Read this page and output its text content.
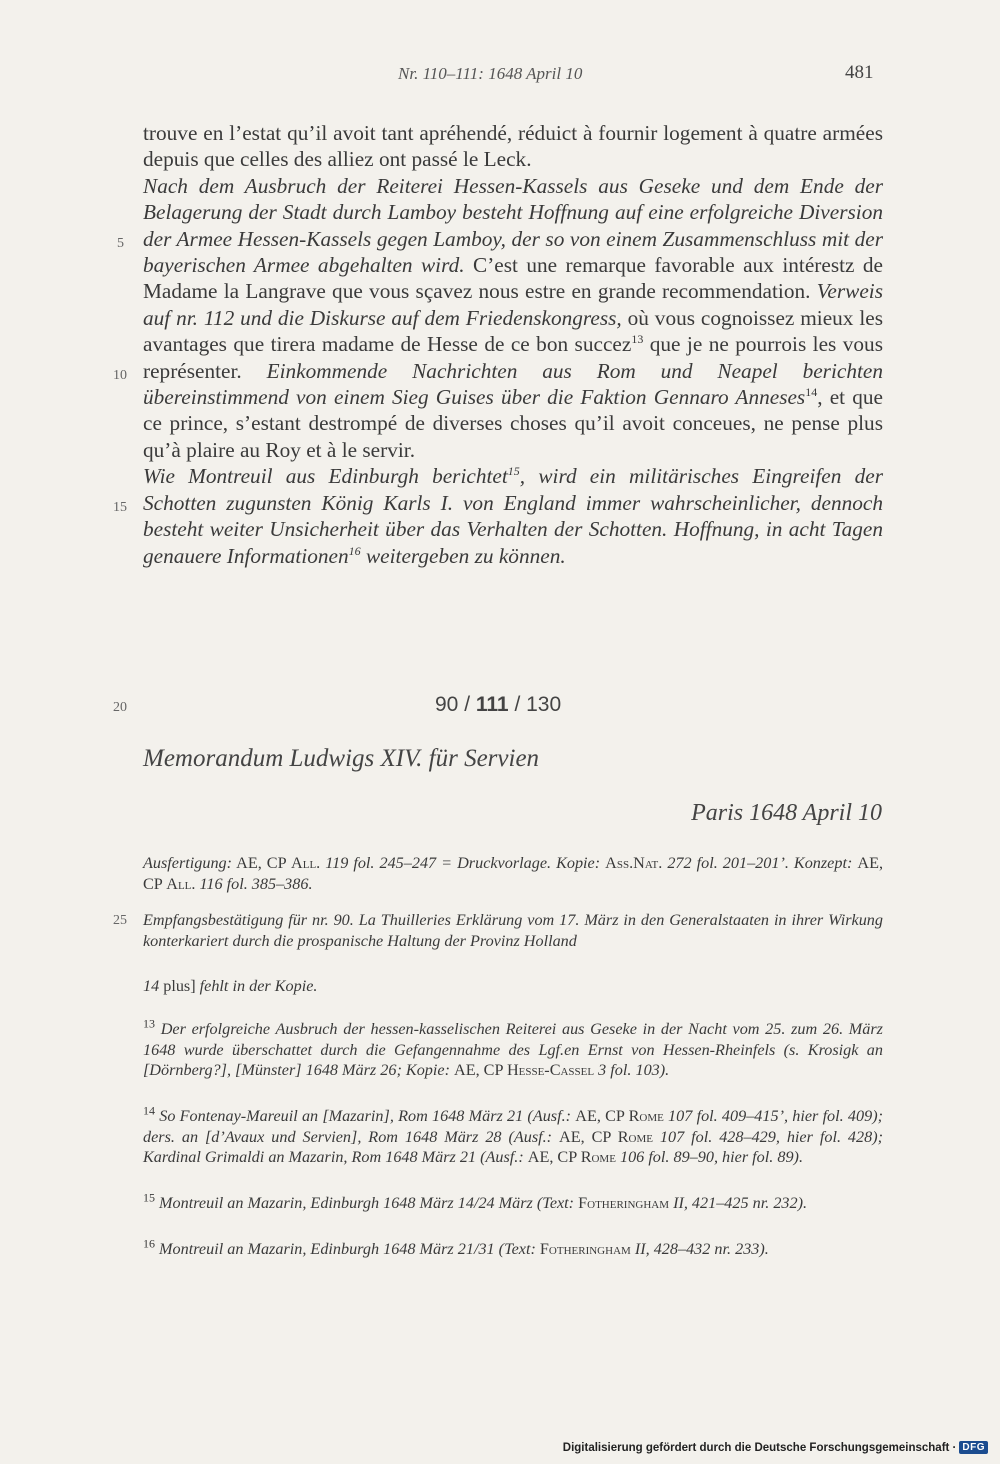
Nr. 110–111: 1648 April 10	481
5
10
15
20
25

trouve en l’estat qu’il avoit tant apréhendé, réduict à fournir logement à quatre armées depuis que celles des alliez ont passé le Leck.

Nach dem Ausbruch der Reiterei Hessen-Kassels aus Geseke und dem Ende der Belagerung der Stadt durch Lamboy besteht Hoffnung auf eine erfolgreiche Diversion der Armee Hessen-Kassels gegen Lamboy, der so von einem Zusammenschluss mit der bayerischen Armee abgehalten wird. C’est une remarque favorable aux intérestz de Madame la Langrave que vous sçavez nous estre en grande recommendation. Verweis auf nr. 112 und die Diskurse auf dem Friedenskongress, où vous cognoissez mieux les avantages que tirera madame de Hesse de ce bon succez$^{13}$ que je ne pourrois les vous représenter. Einkommende Nachrichten aus Rom und Neapel berichten übereinstimmend von einem Sieg Guises über die Faktion Gennaro Anneses$^{14}$, et que ce prince, s’estant destrompé de diverses choses qu’il avoit conceues, ne pense plus qu’à plaire au Roy et à le servir.

Wie Montreuil aus Edinburgh berichtet$^{15}$, wird ein militärisches Eingreifen der Schotten zugunsten König Karls I. von England immer wahrscheinlicher, dennoch besteht weiter Unsicherheit über das Verhalten der Schotten. Hoffnung, in acht Tagen genauere Informationen$^{16}$ weitergeben zu können.

90 / 111 / 130
Memorandum Ludwigs XIV. für Servien
Paris 1648 April 10
Ausfertigung: AE, CP All. 119 fol. 245–247 = Druckvorlage. Kopie: Ass.Nat. 272 fol. 201–201’. Konzept: AE, CP All. 116 fol. 385–386.
Empfangsbestätigung für nr. 90. La Thuilleries Erklärung vom 17. März in den Generalstaaten in ihrer Wirkung konterkariert durch die prospanische Haltung der Provinz Holland
14 plus] fehlt in der Kopie.
$^{13}$ Der erfolgreiche Ausbruch der hessen-kasselischen Reiterei aus Geseke in der Nacht vom 25. zum 26. März 1648 wurde überschattet durch die Gefangennahme des Lgf.en Ernst von Hessen-Rheinfels (s. Krosigk an [Dörnberg?], [Münster] 1648 März 26; Kopie: AE, CP Hesse-Cassel 3 fol. 103).
$^{14}$ So Fontenay-Mareuil an [Mazarin], Rom 1648 März 21 (Ausf.: AE, CP Rome 107 fol. 409–415’, hier fol. 409); ders. an [d’Avaux und Servien], Rom 1648 März 28 (Ausf.: AE, CP Rome 107 fol. 428–429, hier fol. 428); Kardinal Grimaldi an Mazarin, Rom 1648 März 21 (Ausf.: AE, CP Rome 106 fol. 89–90, hier fol. 89).
$^{15}$ Montreuil an Mazarin, Edinburgh 1648 März 14/24 März (Text: Fotheringham II, 421–425 nr. 232).
$^{16}$ Montreuil an Mazarin, Edinburgh 1648 März 21/31 (Text: Fotheringham II, 428–432 nr. 233).
Digitalisierung gefördert durch die Deutsche Forschungsgemeinschaft · DFG
